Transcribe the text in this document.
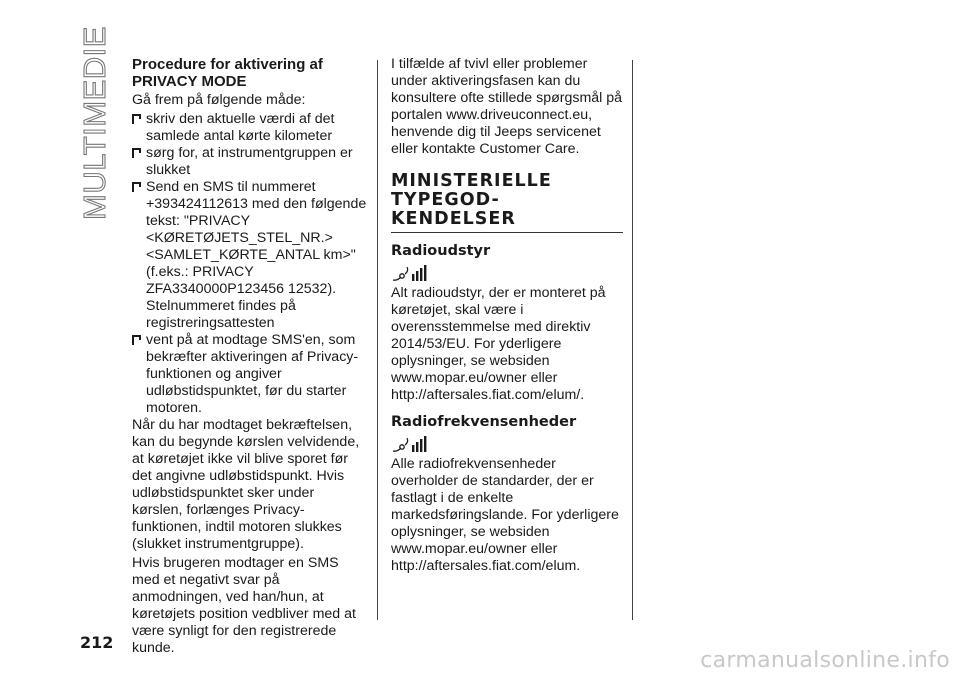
MULTIMEDIE Procedure for aktivering af PRIVACY MODE

Gå frem på følgende måde:

skriv den aktuelle værdi af det samlede antal kørte kilometer
sørg for, at instrumentgruppen er slukket
Send en SMS til nummeret +393424112613 med den følgende tekst: "PRIVACY <KØRETØJETS_STEL_NR.> <SAMLET_KØRTE_ANTAL km>" (f.eks.: PRIVACY ZFA3340000P123456 12532). Stelnummeret findes på registreringsattesten
vent på at modtage SMS'en, som bekræfter aktiveringen af Privacy-funktionen og angiver udløbstidspunktet, før du starter motoren.

Når du har modtaget bekræftelsen, kan du begynde kørslen velvidende, at køretøjet ikke vil blive sporet før det angivne udløbstidspunkt. Hvis udløbstidspunktet sker under kørslen, forlænges Privacy-funktionen, indtil motoren slukkes (slukket instrumentgruppe).

Hvis brugeren modtager en SMS med et negativt svar på anmodningen, ved han/hun, at køretøjets position vedbliver med at være synligt for den registrerede kunde.

I tilfælde af tvivl eller problemer under aktiveringsfasen kan du konsultere ofte stillede spørgsmål på portalen www.driveuconnect.eu, henvende dig til Jeeps servicenet eller kontakte Customer Care.

MINISTERIELLE TYPEGOD-KENDELSER
Radioudstyr

Alt radioudstyr, der er monteret på køretøjet, skal være i overensstemmelse med direktiv 2014/53/EU. For yderligere oplysninger, se websiden www.mopar.eu/owner eller http://aftersales.fiat.com/elum/.

Radiofrekvensenheder

Alle radiofrekvensenheder overholder de standarder, der er fastlagt i de enkelte markedsføringslande. For yderligere oplysninger, se websiden www.mopar.eu/owner eller http://aftersales.fiat.com/elum.

212
carmanualsonline.info
